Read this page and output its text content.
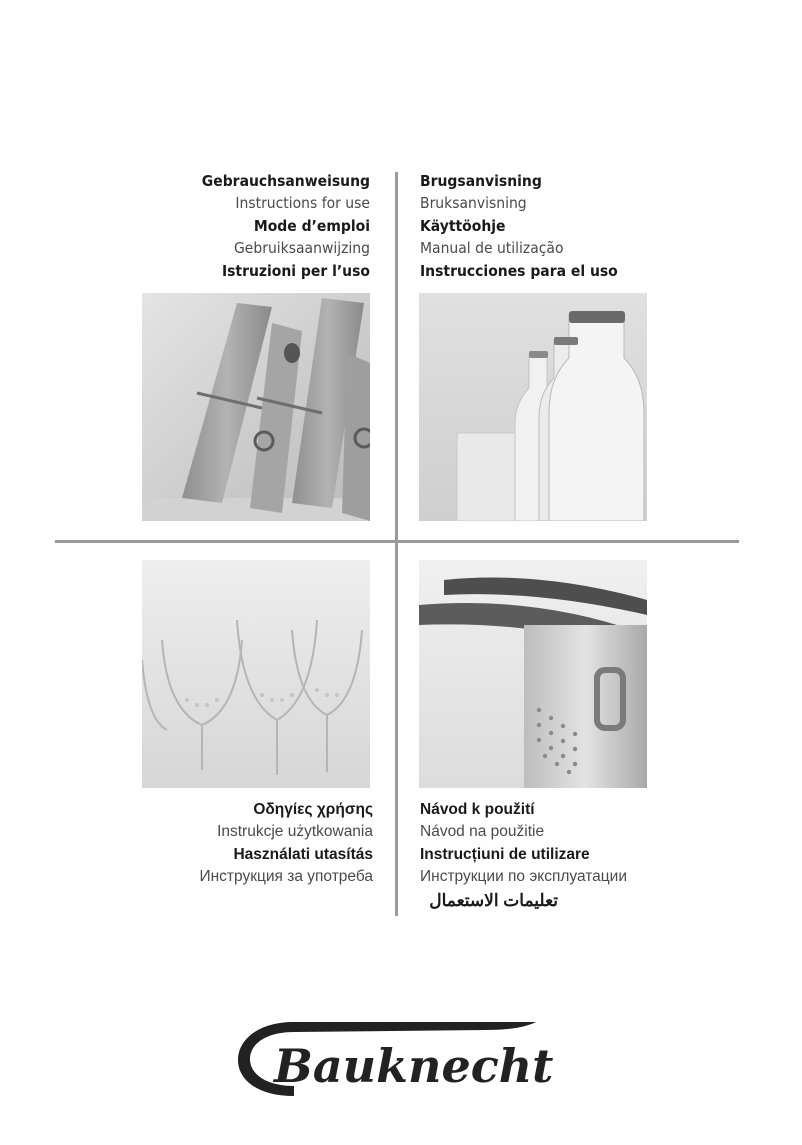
Gebrauchsanweisung
Instructions for use
Mode d’emploi
Gebruiksaanwijzing
Istruzioni per l’uso
Brugsanvisning
Bruksanvisning
Käyttöohje
Manual de utilização
Instrucciones para el uso
Οδηγίες χρήσης
Instrukcje użytkowania
Használati utasítás
Инструкция за употреба
Návod k použití
Návod na použitie
Instrucțiuni de utilizare
Инструкции по эксплуатации
تعليمات الاستعمال
Bauknecht
